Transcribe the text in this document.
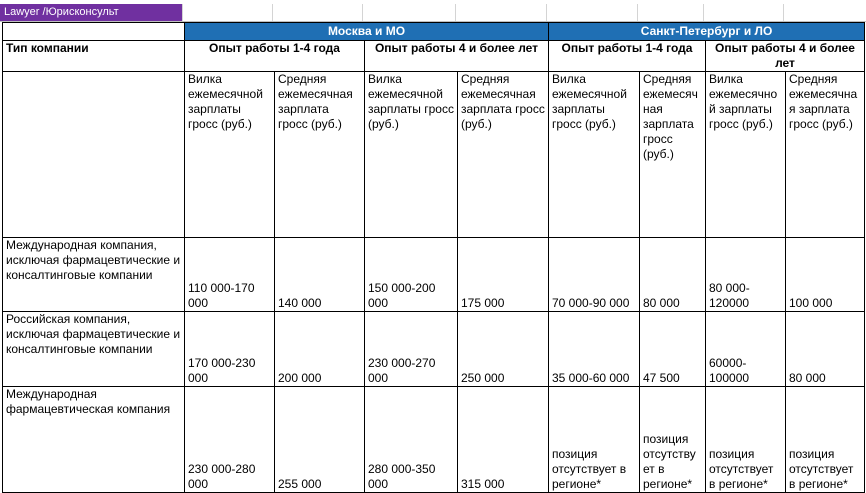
Lawyer /Юрисконсульт
	Москва и МО				Санкт-Петербург и ЛО			
Тип компании	Опыт работы 1-4 года		Опыт работы 4 и более лет		Опыт работы 1-4 года		Опыт работы 4 и более лет	
	Вилка ежемесячной зарплаты гросс (руб.)	Средняя ежемесячная зарплата гросс (руб.)	Вилка ежемесячной зарплаты гросс (руб.)	Средняя ежемесячная зарплата гросс (руб.)	Вилка ежемесячной зарплаты гросс (руб.)	Средняя ежемесячная зарплата гросс (руб.)	Вилка ежемесячной зарплаты гросс (руб.)	Средняя ежемесячная зарплата гросс (руб.)
Международная компания, исключая фармацевтические и консалтинговые компании	110 000-170 000	140 000	150 000-200 000	175 000	70 000-90 000	80 000	80 000-120000	100 000
Российская компания, исключая фармацевтические и консалтинговые компании	170 000-230 000	200 000	230 000-270 000	250 000	35 000-60 000	47 500	60000-100000	80 000
Международная фармацевтическая компания	230 000-280 000	255 000	280 000-350 000	315 000	позиция отсутствует в регионе*	позиция отсутствует в регионе*	позиция отсутствует в регионе*	позиция отсутствует в регионе*
